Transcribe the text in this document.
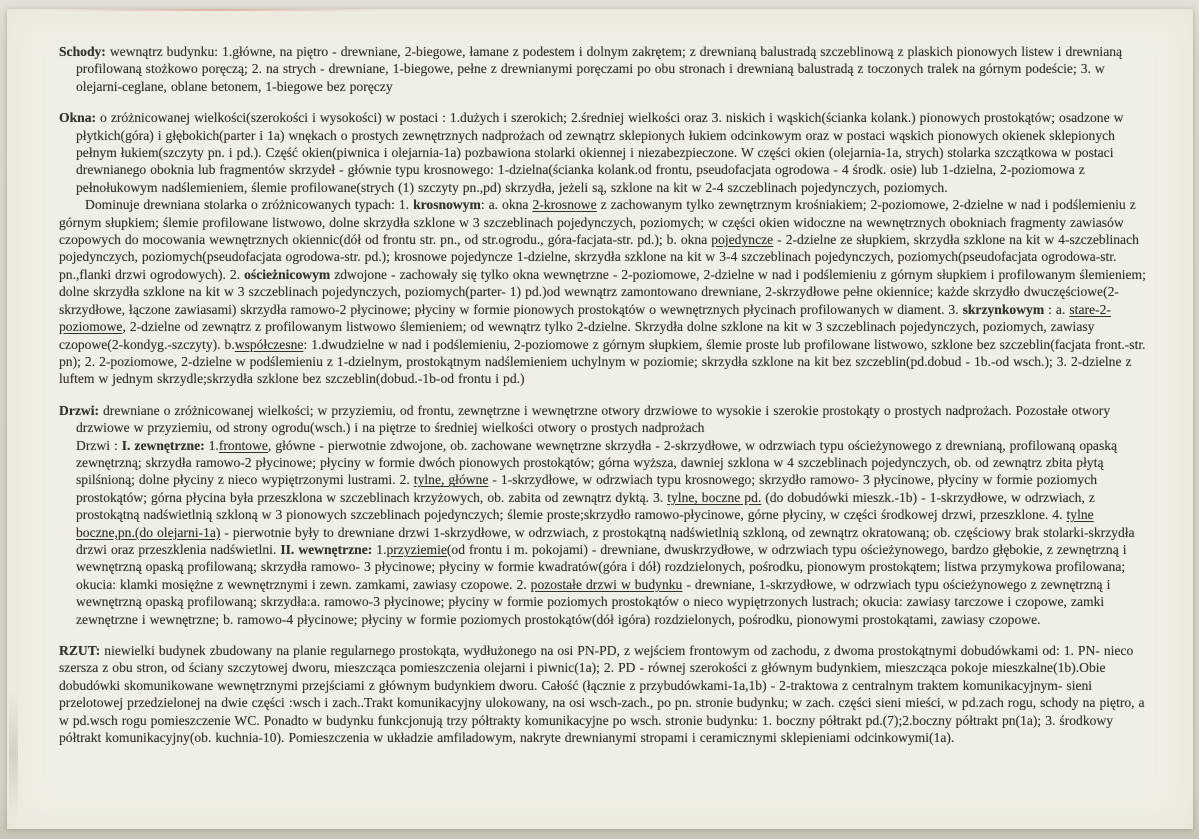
Schody: wewnątrz budynku: 1.główne, na piętro - drewniane, 2-biegowe, łamane z podestem i dolnym zakrętem; z drewnianą balustradą szczeblinową z plaskich pionowych listew i drewnianą profilowaną stożkowo poręczą; 2. na strych - drewniane, 1-biegowe, pełne z drewnianymi poręczami po obu stronach i drewnianą balustradą z toczonych tralek na górnym podeście; 3. w olejarni-ceglane, oblane betonem, 1-biegowe bez poręczy

Okna: o zróżnicowanej wielkości(szerokości i wysokości) w postaci : 1.dużych i szerokich; 2.średniej wielkości oraz 3. niskich i wąskich(ścianka kolank.) pionowych prostokątów; osadzone w płytkich(góra) i głębokich(parter i 1a) wnękach o prostych zewnętrznych nadprożach od zewnątrz sklepionych łukiem odcinkowym oraz w postaci wąskich pionowych okienek sklepionych pełnym łukiem(szczyty pn. i pd.). Część okien(piwnica i olejarnia-1a) pozbawiona stolarki okiennej i niezabezpieczone. W części okien (olejarnia-1a, strych) stolarka szczątkowa w postaci drewnianego oboknia lub fragmentów skrzydeł - głównie typu krosnowego: 1-dzielna(ścianka kolank.od frontu, pseudofacjata ogrodowa - 4 środk. osie) lub 1-dzielna, 2-poziomowa z pełnołukowym nadślemieniem, ślemie profilowane(strych (1) szczyty pn.,pd) skrzydła, jeżeli są, szklone na kit w 2-4 szczeblinach pojedynczych, poziomych.

Dominuje drewniana stolarka o zróżnicowanych typach: 1. krosnowym: a. okna 2-krosnowe z zachowanym tylko zewnętrznym krośniakiem; 2-poziomowe, 2-dzielne w nad i podślemieniu z górnym słupkiem; ślemie profilowane listwowo, dolne skrzydła szklone w 3 szczeblinach pojedynczych, poziomych; w części okien widoczne na wewnętrznych obokniach fragmenty zawiasów czopowych do mocowania wewnętrznych okiennic(dół od frontu str. pn., od str.ogrodu., góra-facjata-str. pd.); b. okna pojedyncze - 2-dzielne ze słupkiem, skrzydła szklone na kit w 4-szczeblinach pojedynczych, poziomych(pseudofacjata ogrodowa-str. pd.); krosnowe pojedyncze 1-dzielne, skrzydła szklone na kit w 3-4 szczeblinach pojedynczych, poziomych(pseudofacjata ogrodowa-str. pn.,flanki drzwi ogrodowych). 2. ościeżnicowym zdwojone - zachowały się tylko okna wewnętrzne - 2-poziomowe, 2-dzielne w nad i podślemieniu z górnym słupkiem i profilowanym ślemieniem; dolne skrzydła szklone na kit w 3 szczeblinach pojedynczych, poziomych(parter- 1) pd.)od wewnątrz zamontowano drewniane, 2-skrzydłowe pełne okiennice; każde skrzydło dwuczęściowe(2-skrzydłowe, łączone zawiasami) skrzydła ramowo-2 płycinowe; płyciny w formie pionowych prostokątów o wewnętrznych płycinach profilowanych w diament. 3. skrzynkowym : a. stare-2-poziomowe, 2-dzielne od zewnątrz z profilowanym listwowo ślemieniem; od wewnątrz tylko 2-dzielne. Skrzydła dolne szklone na kit w 3 szczeblinach pojedynczych, poziomych, zawiasy czopowe(2-kondyg.-szczyty). b.współczesne: 1.dwudzielne w nad i podślemieniu, 2-poziomowe z górnym słupkiem, ślemie proste lub profilowane listwowo, szklone bez szczeblin(facjata front.-str. pn); 2. 2-poziomowe, 2-dzielne w podślemieniu z 1-dzielnym, prostokątnym nadślemieniem uchylnym w poziomie; skrzydła szklone na kit bez szczeblin(pd.dobud - 1b.-od wsch.); 3. 2-dzielne z luftem w jednym skrzydle;skrzydła szklone bez szczeblin(dobud.-1b-od frontu i pd.)

Drzwi: drewniane o zróżnicowanej wielkości; w przyziemiu, od frontu, zewnętrzne i wewnętrzne otwory drzwiowe to wysokie i szerokie prostokąty o prostych nadprożach. Pozostałe otwory drzwiowe w przyziemiu, od strony ogrodu(wsch.) i na piętrze to średniej wielkości otwory o prostych nadprożach

Drzwi : I. zewnętrzne: 1.frontowe, główne - pierwotnie zdwojone, ob. zachowane wewnętrzne skrzydła - 2-skrzydłowe, w odrzwiach typu ościeżynowego z drewnianą, profilowaną opaską zewnętrzną; skrzydła ramowo-2 płycinowe; płyciny w formie dwóch pionowych prostokątów; górna wyższa, dawniej szklona w 4 szczeblinach pojedynczych, ob. od zewnątrz zbita płytą spilśnioną; dolne płyciny z nieco wypiętrzonymi lustrami. 2. tylne, główne - 1-skrzydłowe, w odrzwiach typu krosnowego; skrzydło ramowo- 3 płycinowe, płyciny w formie poziomych prostokątów; górna płycina była przeszklona w szczeblinach krzyżowych, ob. zabita od zewnątrz dyktą. 3. tylne, boczne pd. (do dobudówki mieszk.-1b) - 1-skrzydłowe, w odrzwiach, z prostokątną nadświetlnią szkloną w 3 pionowych szczeblinach pojedynczych; ślemie proste;skrzydło ramowo-płycinowe, górne płyciny, w części środkowej drzwi, przeszklone. 4. tylne boczne,pn.(do olejarni-1a) - pierwotnie były to drewniane drzwi 1-skrzydłowe, w odrzwiach, z prostokątną nadświetlnią szkloną, od zewnątrz okratowaną; ob. częściowy brak stolarki-skrzydła drzwi oraz przeszklenia nadświetlni. II. wewnętrzne: 1.przyziemie(od frontu i m. pokojami) - drewniane, dwuskrzydłowe, w odrzwiach typu ościeżynowego, bardzo głębokie, z zewnętrzną i wewnętrzną opaską profilowaną; skrzydła ramowo- 3 płycinowe; płyciny w formie kwadratów(góra i dół) rozdzielonych, pośrodku, pionowym prostokątem; listwa przymykowa profilowana; okucia: klamki mosiężne z wewnętrznymi i zewn. zamkami, zawiasy czopowe. 2. pozostałe drzwi w budynku - drewniane, 1-skrzydłowe, w odrzwiach typu ościeżynowego z zewnętrzną i wewnętrzną opaską profilowaną; skrzydła:a. ramowo-3 płycinowe; płyciny w formie poziomych prostokątów o nieco wypiętrzonych lustrach; okucia: zawiasy tarczowe i czopowe, zamki zewnętrzne i wewnętrzne; b. ramowo-4 płycinowe; płyciny w formie poziomych prostokątów(dół igóra) rozdzielonych, pośrodku, pionowymi prostokątami, zawiasy czopowe.

RZUT: niewielki budynek zbudowany na planie regularnego prostokąta, wydłużonego na osi PN-PD, z wejściem frontowym od zachodu, z dwoma prostokątnymi dobudówkami od: 1. PN- nieco szersza z obu stron, od ściany szczytowej dworu, mieszcząca pomieszczenia olejarni i piwnic(1a); 2. PD - równej szerokości z głównym budynkiem, mieszcząca pokoje mieszkalne(1b).Obie dobudówki skomunikowane wewnętrznymi przejściami z głównym budynkiem dworu. Całość (łącznie z przybudówkami-1a,1b) - 2-traktowa z centralnym traktem komunikacyjnym- sieni przelotowej przedzielonej na dwie części :wsch i zach..Trakt komunikacyjny ulokowany, na osi wsch-zach., po pn. stronie budynku; w zach. części sieni mieści, w pd.zach rogu, schody na piętro, a w pd.wsch rogu pomieszczenie WC. Ponadto w budynku funkcjonują trzy półtrakty komunikacyjne po wsch. stronie budynku: 1. boczny półtrakt pd.(7);2.boczny półtrakt pn(1a); 3. środkowy półtrakt komunikacyjny(ob. kuchnia-10). Pomieszczenia w układzie amfiladowym, nakryte drewnianymi stropami i ceramicznymi sklepieniami odcinkowymi(1a).
